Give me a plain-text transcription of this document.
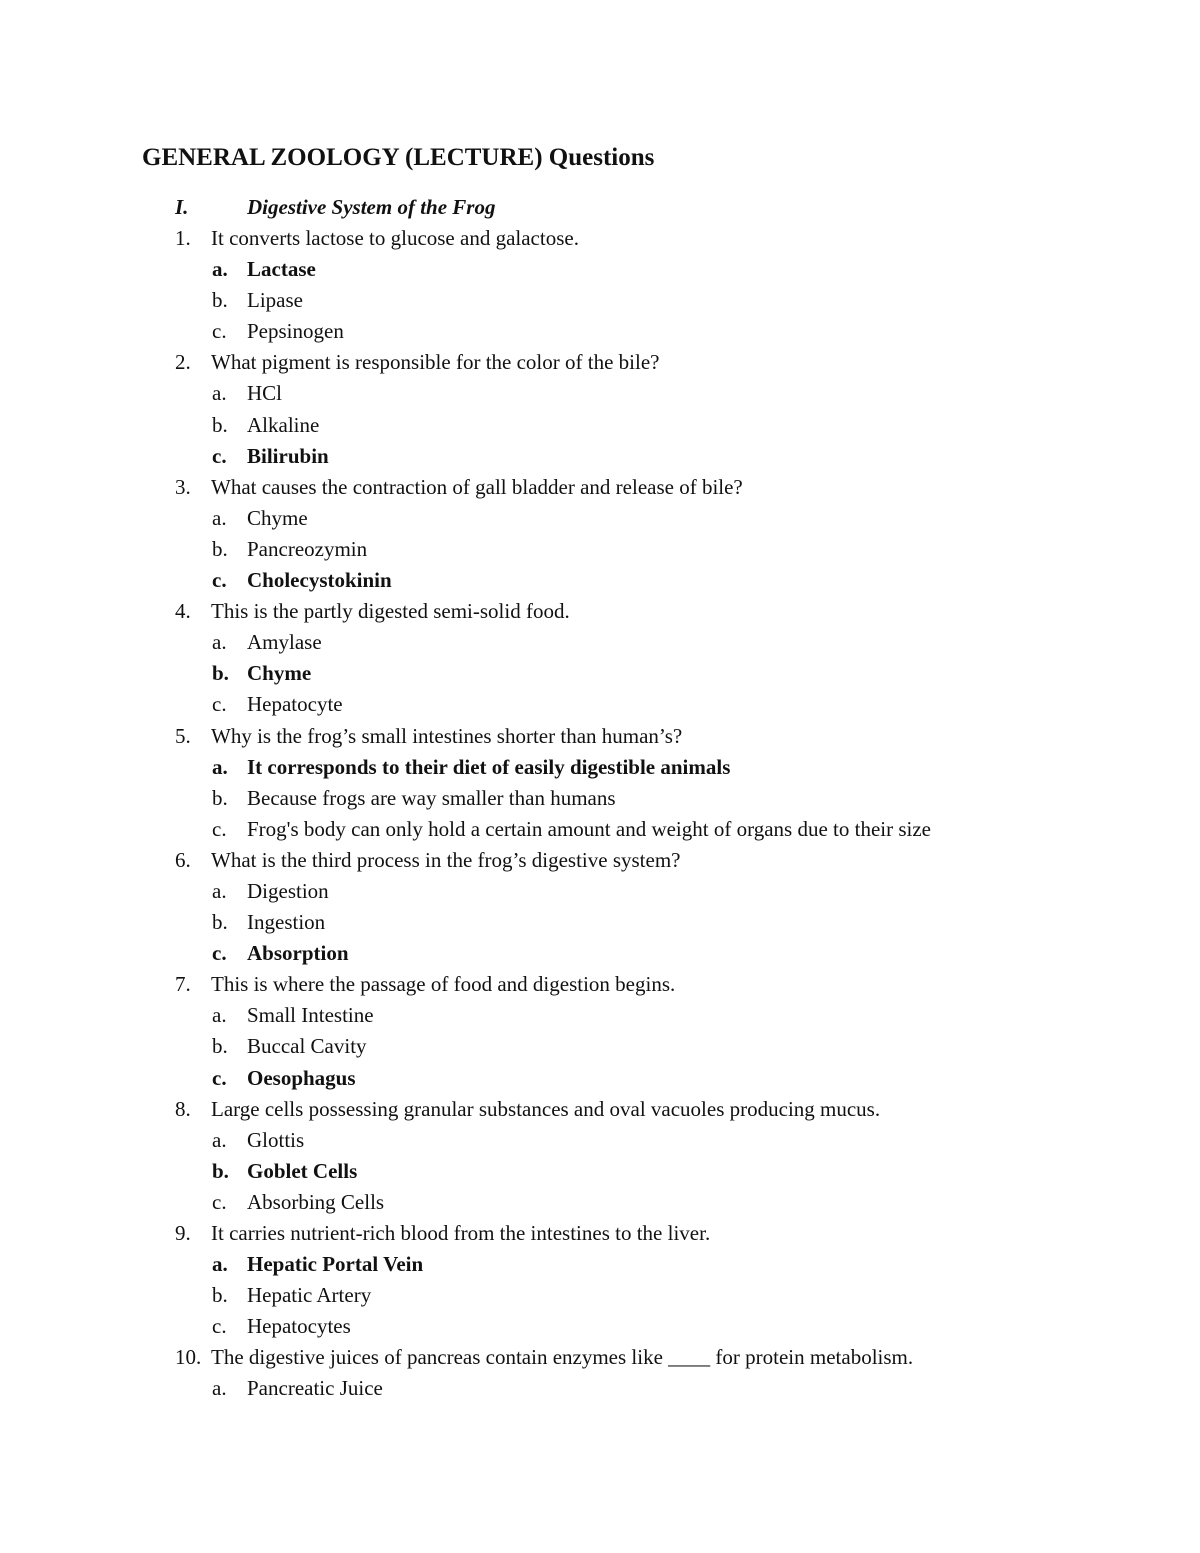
GENERAL ZOOLOGY (LECTURE) Questions
I.	Digestive System of the Frog
1. It converts lactose to glucose and galactose.
a. Lactase
b. Lipase
c. Pepsinogen
2. What pigment is responsible for the color of the bile?
a. HCl
b. Alkaline
c. Bilirubin
3. What causes the contraction of gall bladder and release of bile?
a. Chyme
b. Pancreozymin
c. Cholecystokinin
4. This is the partly digested semi-solid food.
a. Amylase
b. Chyme
c. Hepatocyte
5. Why is the frog’s small intestines shorter than human’s?
a. It corresponds to their diet of easily digestible animals
b. Because frogs are way smaller than humans
c. Frog's body can only hold a certain amount and weight of organs due to their size
6. What is the third process in the frog’s digestive system?
a. Digestion
b. Ingestion
c. Absorption
7. This is where the passage of food and digestion begins.
a. Small Intestine
b. Buccal Cavity
c. Oesophagus
8. Large cells possessing granular substances and oval vacuoles producing mucus.
a. Glottis
b. Goblet Cells
c. Absorbing Cells
9. It carries nutrient-rich blood from the intestines to the liver.
a. Hepatic Portal Vein
b. Hepatic Artery
c. Hepatocytes
10. The digestive juices of pancreas contain enzymes like ____ for protein metabolism.
a. Pancreatic Juice
